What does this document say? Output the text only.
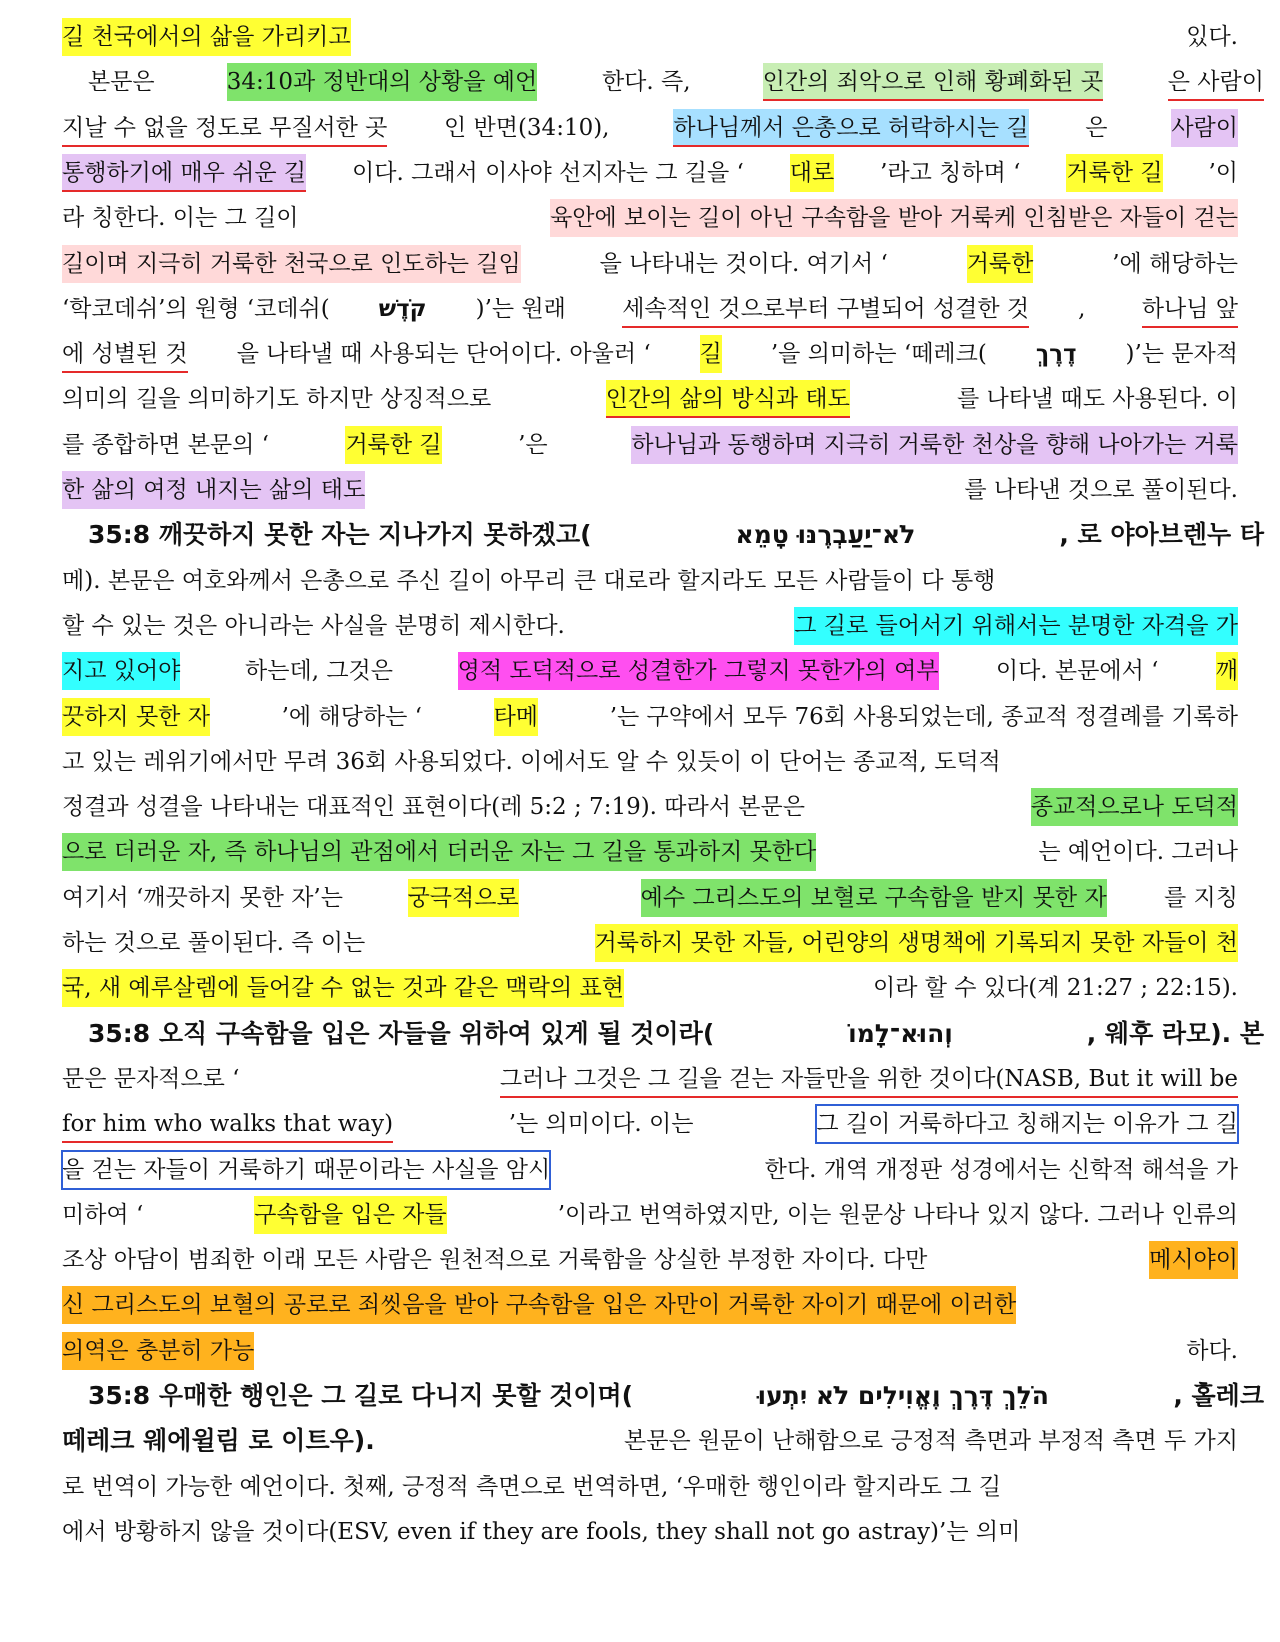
길 천국에서의 삶을 가리키고	있다.
본문은	34:10과 정반대의 상황을 예언	한다. 즉,	인간의 죄악으로 인해 황폐화된 곳	은 사람이
지날 수 없을 정도로 무질서한 곳 인 반면(34:10), 하나님께서 은총으로 허락하시는 길 은 사람이
통행하기에 매우 쉬운 길 이다. 그래서 이사야 선지자는 그 길을 ‘ 대로 ’라고 칭하며 ‘ 거룩한 길 ’이
라 칭한다. 이는 그 길이	육안에 보이는 길이 아닌 구속함을 받아 거룩케 인침받은 자들이 걷는
길이며 지극히 거룩한 천국으로 인도하는 길임	을 나타내는 것이다. 여기서 ‘	거룩한	’에 해당하는
‘학코데쉬’의 원형 ‘코데쉬( קֹדֶשׁ )’는 원래 세속적인 것으로부터 구별되어 성결한 것 , 하나님 앞
에 성별된 것 을 나타낼 때 사용되는 단어이다. 아울러 ‘ 길 ’을 의미하는 ‘떼레크( דֶרֶךְ )’는 문자적
의미의 길을 의미하기도 하지만 상징적으로	인간의 삶의 방식과 태도	를 나타낼 때도 사용된다. 이
를 종합하면 본문의 ‘	거룩한 길	’은	하나님과 동행하며 지극히 거룩한 천상을 향해 나아가는 거룩
한 삶의 여정 내지는 삶의 태도	를 나타낸 것으로 풀이된다.
35:8 깨끗하지 못한 자는 지나가지 못하겠고(	לֹא־יַעַבְרֶנּוּ טָמֵא	, 로 야아브렌누 타
메). 본문은 여호와께서 은총으로 주신 길이 아무리 큰 대로라 할지라도 모든 사람들이 다 통행
할 수 있는 것은 아니라는 사실을 분명히 제시한다.	그 길로 들어서기 위해서는 분명한 자격을 가
지고 있어야 하는데, 그것은 영적 도덕적으로 성결한가 그렇지 못한가의 여부 이다. 본문에서 ‘ 깨
끗하지 못한 자	’에 해당하는 ‘	타메	’는 구약에서 모두 76회 사용되었는데, 종교적 정결례를 기록하
고 있는 레위기에서만 무려 36회 사용되었다. 이에서도 알 수 있듯이 이 단어는 종교적, 도덕적
정결과 성결을 나타내는 대표적인 표현이다(레 5:2 ; 7:19). 따라서 본문은	종교적으로나 도덕적
으로 더러운 자, 즉 하나님의 관점에서 더러운 자는 그 길을 통과하지 못한다	는 예언이다. 그러나
여기서 ‘깨끗하지 못한 자’는 궁극적으로
	예수 그리스도의 보혈로 구속함을 받지 못한 자 를 지칭
하는 것으로 풀이된다. 즉 이는	거룩하지 못한 자들, 어린양의 생명책에 기록되지 못한 자들이 천
국, 새 예루살렘에 들어갈 수 없는 것과 같은 맥락의 표현	이라 할 수 있다(계 21:27 ; 22:15).
35:8 오직 구속함을 입은 자들을 위하여 있게 될 것이라(	וְהוּא־לָמוֹ	, 웨후 라모). 본
문은 문자적으로 ‘	그러나 그것은 그 길을 걷는 자들만을 위한 것이다(NASB, But it will be
for him who walks that way)	’는 의미이다. 이는	그 길이 거룩하다고 칭해지는 이유가 그 길
을 걷는 자들이 거룩하기 때문이라는 사실을 암시	한다. 개역 개정판 성경에서는 신학적 해석을 가
미하여 ‘	구속함을 입은 자들	’이라고 번역하였지만, 이는 원문상 나타나 있지 않다. 그러나 인류의
조상 아담이 범죄한 이래 모든 사람은 원천적으로 거룩함을 상실한 부정한 자이다. 다만	메시야이
신 그리스도의 보혈의 공로로 죄씻음을 받아 구속함을 입은 자만이 거룩한 자이기 때문에 이러한
의역은 충분히 가능	하다.
35:8 우매한 행인은 그 길로 다니지 못할 것이며(	הֹלֵךְ דֶּרֶךְ וֶאֱוִילִים לֹא יִתְעוּ	, 홀레크
떼레크 웨에윌림 로 이트우).	본문은 원문이 난해함으로 긍정적 측면과 부정적 측면 두 가지
로 번역이 가능한 예언이다. 첫째, 긍정적 측면으로 번역하면, ‘우매한 행인이라 할지라도 그 길
에서 방황하지 않을 것이다(ESV, even if they are fools, they shall not go astray)’는 의미
